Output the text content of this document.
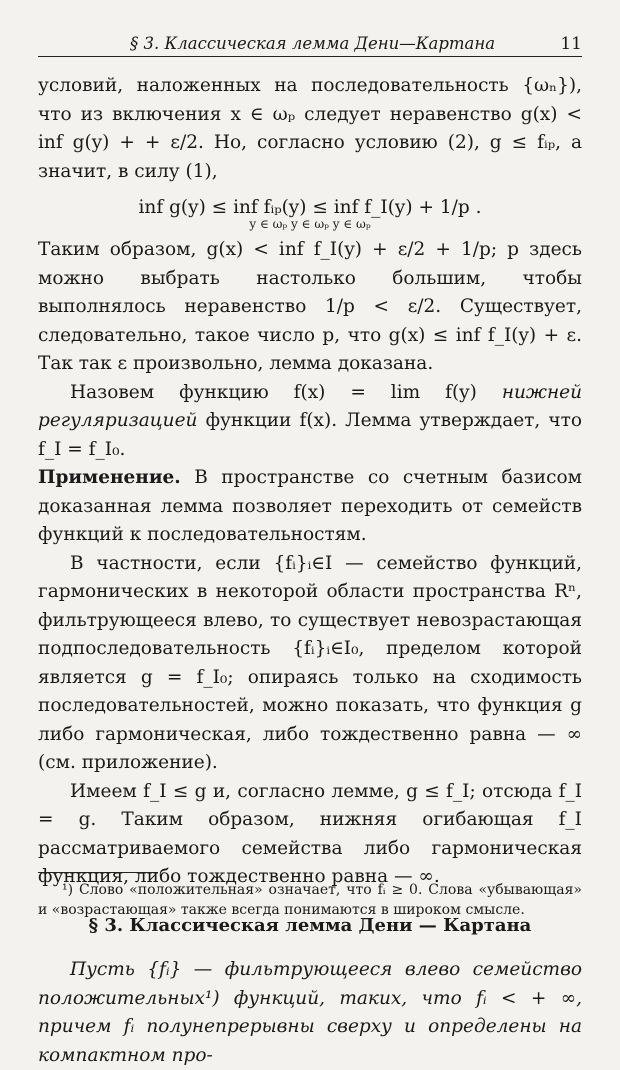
§ 3. Классическая лемма Дени—Картана	11

условий, наложенных на последовательность {ωₙ}), что из включения x ∈ ωₚ следует неравенство g(x) < inf g(y) + + ε/2. Но, согласно условию (2), g ≤ fᵢₚ, а значит, в силу (1),

inf g(y) ≤ inf fᵢₚ(y) ≤ inf f_I(y) + 1/p .
y ∈ ωₚ y ∈ ωₚ y ∈ ωₚ

Таким образом, g(x) < inf f_I(y) + ε/2 + 1/p; p здесь можно выбрать настолько большим, чтобы выполнялось неравенство 1/p < ε/2. Существует, следовательно, такое число p, что g(x) ≤ inf f_I(y) + ε. Так так ε произвольно, лемма доказана.

Назовем функцию f(x) = lim f(y) нижней регуляризацией функции f(x). Лемма утверждает, что f_I = f_I₀.

Применение. В пространстве со счетным базисом доказанная лемма позволяет переходить от семейств функций к последовательностям.

В частности, если {fᵢ}ᵢ∈I — семейство функций, гармонических в некоторой области пространства Rⁿ, фильтрующееся влево, то существует невозрастающая подпоследовательность {fᵢ}ᵢ∈I₀, пределом которой является g = f_I₀; опираясь только на сходимость последовательностей, можно показать, что функция g либо гармоническая, либо тождественно равна — ∞ (см. приложение).

Имеем f_I ≤ g и, согласно лемме, g ≤ f_I; отсюда f_I = g. Таким образом, нижняя огибающая f_I рассматриваемого семейства либо гармоническая функция, либо тождественно равна — ∞.

§ 3. Классическая лемма Дени — Картана

Пусть {fᵢ} — фильтрующееся влево семейство положительных¹) функций, таких, что fᵢ < + ∞, причем fᵢ полунепрерывны сверху и определены на компактном про-

¹) Слово «положительная» означает, что fᵢ ≥ 0. Слова «убывающая» и «возрастающая» также всегда понимаются в широком смысле.
